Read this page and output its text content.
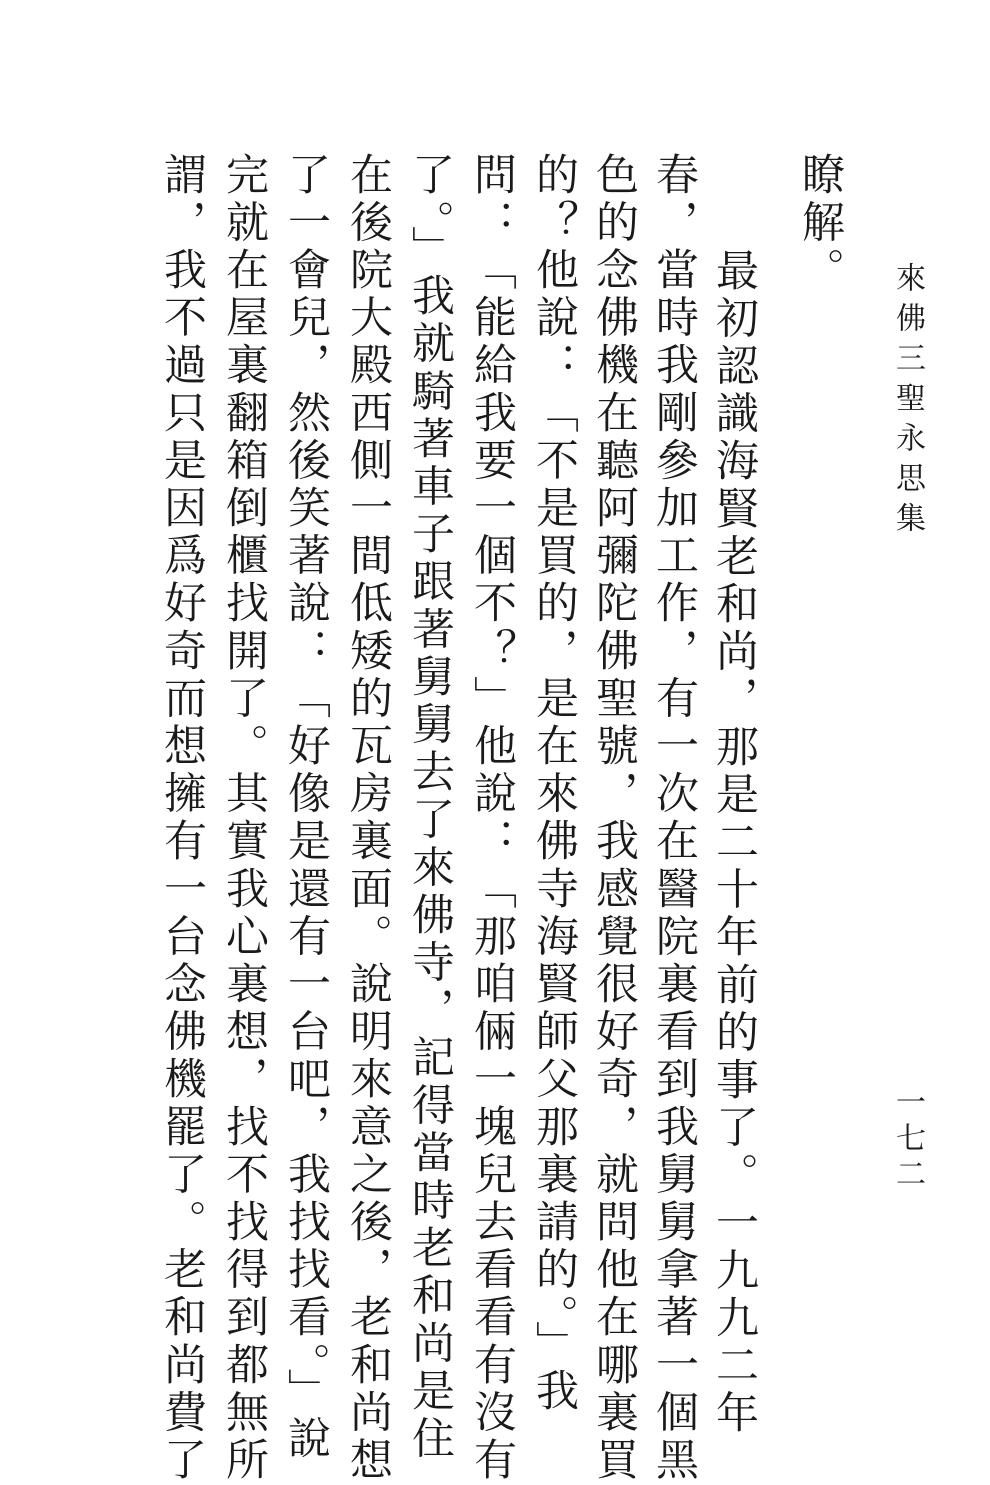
來佛三聖永思集
一七二
瞭解。
最初認識海賢老和尚，那是二十年前的事了。一九九二年
春，當時我剛參加工作，有一次在醫院裏看到我舅舅拿著一個黑
色的念佛機在聽阿彌陀佛聖號，我感覺很好奇，就問他在哪裏買
的？他說：「不是買的，是在來佛寺海賢師父那裏請的。」我
問：「能給我要一個不？」他說：「那咱倆一塊兒去看看有沒有
了。」我就騎著車子跟著舅舅去了來佛寺，記得當時老和尚是住
在後院大殿西側一間低矮的瓦房裏面。說明來意之後，老和尚想
了一會兒，然後笑著說：「好像是還有一台吧，我找找看。」說
完就在屋裏翻箱倒櫃找開了。其實我心裏想，找不找得到都無所
謂，我不過只是因爲好奇而想擁有一台念佛機罷了。老和尚費了
